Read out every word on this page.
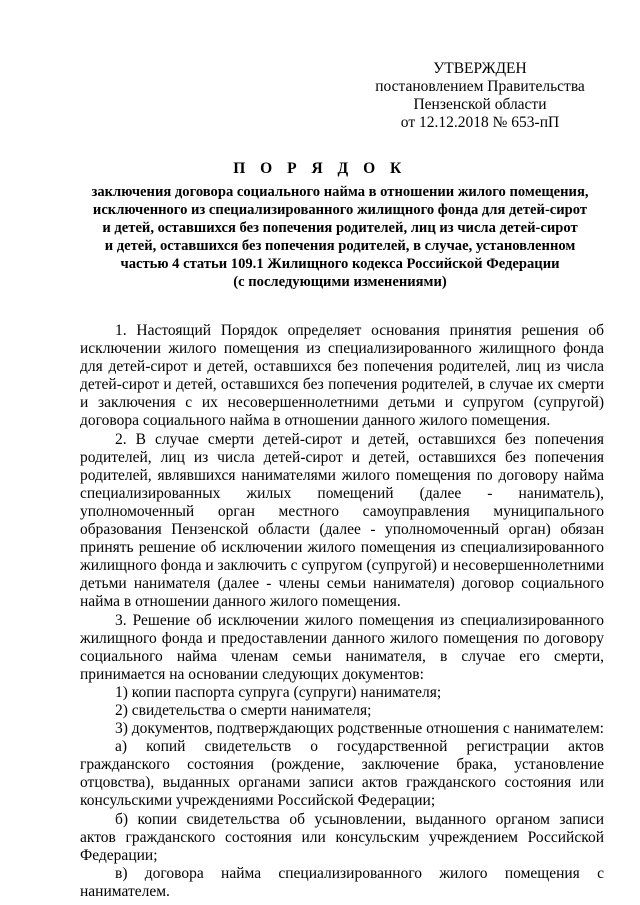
УТВЕРЖДЕН
постановлением Правительства
Пензенской области
от 12.12.2018 № 653-пП
П О Р Я Д О К
заключения договора социального найма в отношении жилого помещения,
исключенного из специализированного жилищного фонда для детей-сирот
и детей, оставшихся без попечения родителей, лиц из числа детей-сирот
и детей, оставшихся без попечения родителей, в случае, установленном
частью 4 статьи 109.1 Жилищного кодекса Российской Федерации
(с последующими изменениями)

1. Настоящий Порядок определяет основания принятия решения об исключении жилого помещения из специализированного жилищного фонда для детей-сирот и детей, оставшихся без попечения родителей, лиц из числа детей-сирот и детей, оставшихся без попечения родителей, в случае их смерти и заключения с их несовершеннолетними детьми и супругом (супругой) договора социального найма в отношении данного жилого помещения.

2. В случае смерти детей-сирот и детей, оставшихся без попечения родителей, лиц из числа детей-сирот и детей, оставшихся без попечения родителей, являвшихся нанимателями жилого помещения по договору найма специализированных жилых помещений (далее - наниматель), уполномоченный орган местного самоуправления муниципального образования Пензенской области (далее - уполномоченный орган) обязан принять решение об исключении жилого помещения из специализированного жилищного фонда и заключить с супругом (супругой) и несовершеннолетними детьми нанимателя (далее - члены семьи нанимателя) договор социального найма в отношении данного жилого помещения.

3. Решение об исключении жилого помещения из специализированного жилищного фонда и предоставлении данного жилого помещения по договору социального найма членам семьи нанимателя, в случае его смерти, принимается на основании следующих документов:

1) копии паспорта супруга (супруги) нанимателя;

2) свидетельства о смерти нанимателя;

3) документов, подтверждающих родственные отношения с нанимателем:

а) копий свидетельств о государственной регистрации актов гражданского состояния (рождение, заключение брака, установление отцовства), выданных органами записи актов гражданского состояния или консульскими учреждениями Российской Федерации;

б) копии свидетельства об усыновлении, выданного органом записи актов гражданского состояния или консульским учреждением Российской Федерации;

в) договора найма специализированного жилого помещения с нанимателем.
